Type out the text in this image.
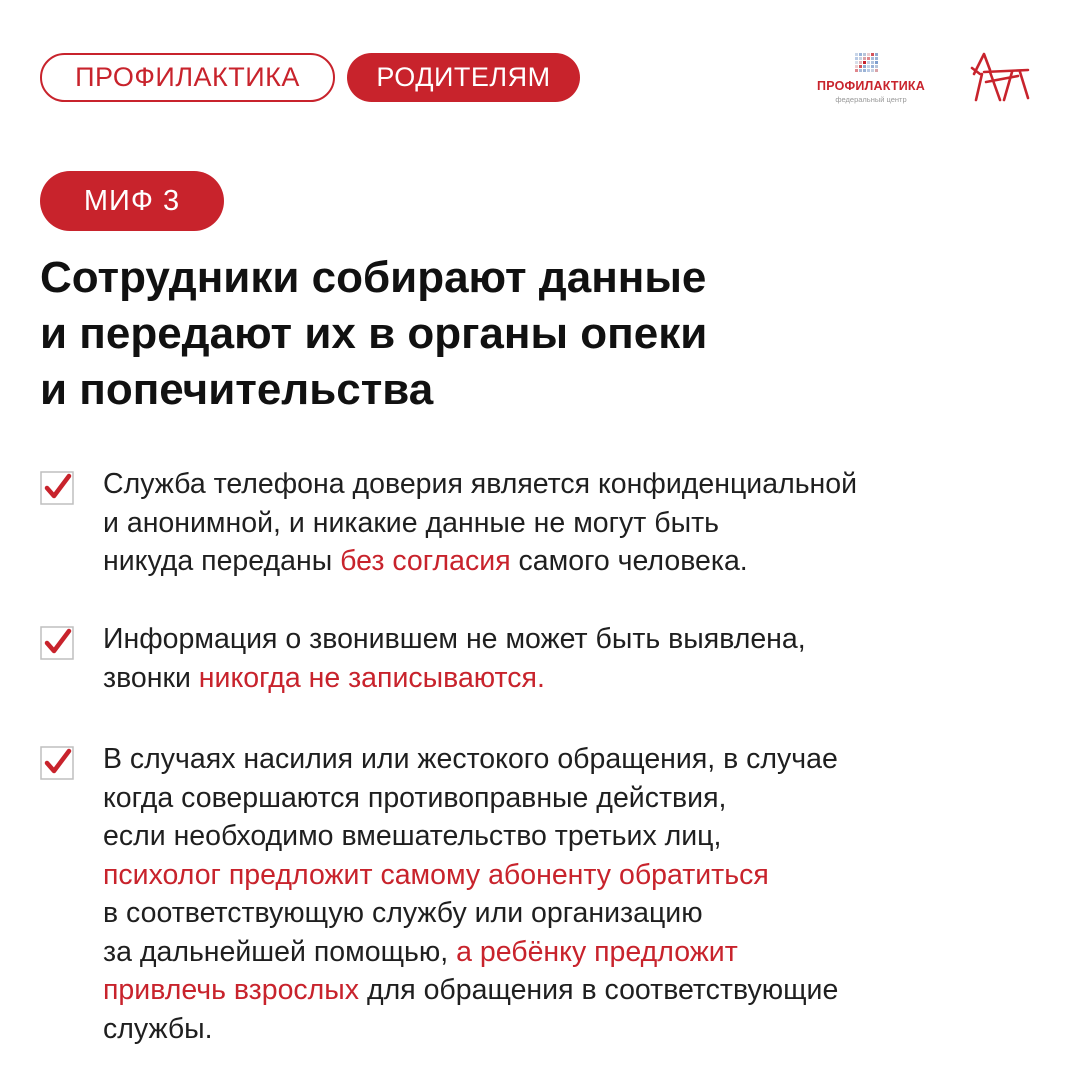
ПРОФИЛАКТИКА	РОДИТЕЛЯМ	ПРОФИЛАКТИКА
федеральный центр
МИФ 3
Сотрудники собирают данные
и передают их в органы опеки
и попечительства
Служба телефона доверия является конфиденциальной
и анонимной, и никакие данные не могут быть
никуда переданы без согласия самого человека.
Информация о звонившем не может быть выявлена,
звонки никогда не записываются.
В случаях насилия или жестокого обращения, в случае
когда совершаются противоправные действия,
если необходимо вмешательство третьих лиц,
психолог предложит самому абоненту обратиться
в соответствующую службу или организацию
за дальнейшей помощью, а ребёнку предложит
привлечь взрослых для обращения в соответствующие
службы.
